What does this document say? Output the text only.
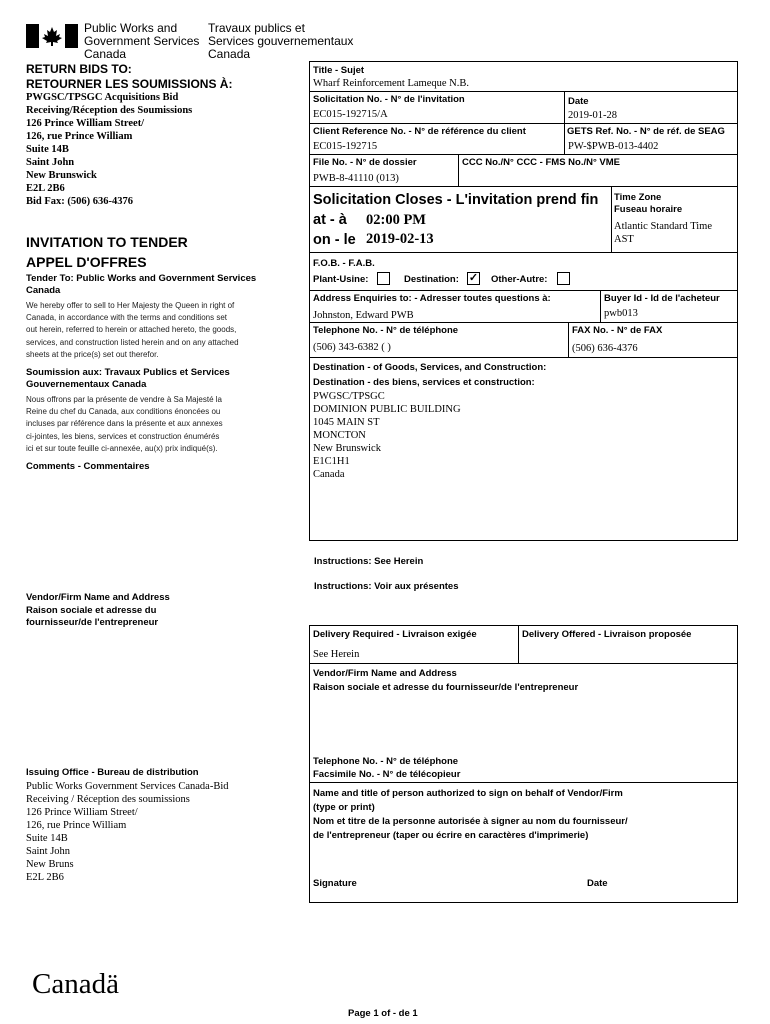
Public Works and
Government Services
Canada
Travaux publics et
Services gouvernementaux
Canada
RETURN BIDS TO:
RETOURNER LES SOUMISSIONS À:
PWGSC/TPSGC Acquisitions Bid
Receiving/Réception des Soumissions
126 Prince William Street/
126, rue Prince William
Suite 14B
Saint John
New Brunswick
E2L 2B6
Bid Fax: (506) 636-4376
INVITATION TO TENDER
APPEL D'OFFRES
Tender To: Public Works and Government Services
Canada
We hereby offer to sell to Her Majesty the Queen in right of
Canada, in accordance with the terms and conditions set
out herein, referred to herein or attached hereto, the goods,
services, and construction listed herein and on any attached
sheets at the price(s) set out therefor.
Soumission aux: Travaux Publics et Services
Gouvernementaux Canada
Nous offrons par la présente de vendre à Sa Majesté la
Reine du chef du Canada, aux conditions énoncées ou
incluses par référence dans la présente et aux annexes
ci-jointes, les biens, services et construction énumérés
ici et sur toute feuille ci-annexée, au(x) prix indiqué(s).
Comments - Commentaires
Vendor/Firm Name and Address
Raison sociale et adresse du
fournisseur/de l'entrepreneur
Issuing Office - Bureau de distribution
Public Works Government Services Canada-Bid
Receiving / Réception des soumissions
126 Prince William Street/
126, rue Prince William
Suite 14B
Saint John
New Bruns
E2L 2B6
Title - Sujet
Wharf Reinforcement Lameque N.B.
Solicitation No. - N° de l'invitation
EC015-192715/A
Date
2019-01-28
Client Reference No. - N° de référence du client
EC015-192715
GETS Ref. No. - N° de réf. de SEAG
PW-$PWB-013-4402
File No. - N° de dossier
PWB-8-41110 (013)
CCC No./N° CCC - FMS No./N° VME
Solicitation Closes - L'invitation prend fin
at - à 02:00 PM
on - le 2019-02-13
Time Zone
Fuseau horaire
Atlantic Standard Time
AST
F.O.B. - F.A.B.
Plant-Usine:	Destination: ✓ Other-Autre:
Address Enquiries to: - Adresser toutes questions à:
Johnston, Edward PWB
Buyer Id - Id de l'acheteur
pwb013
Telephone No. - N° de téléphone
(506) 343-6382 ( )
FAX No. - N° de FAX
(506) 636-4376
Destination - of Goods, Services, and Construction:
Destination - des biens, services et construction:
PWGSC/TPSGC
DOMINION PUBLIC BUILDING
1045 MAIN ST
MONCTON
New Brunswick
E1C1H1
Canada
Instructions: See Herein
Instructions: Voir aux présentes
Delivery Required - Livraison exigée
See Herein
Delivery Offered - Livraison proposée
Vendor/Firm Name and Address
Raison sociale et adresse du fournisseur/de l'entrepreneur
Telephone No. - N° de téléphone
Facsimile No. - N° de télécopieur
Name and title of person authorized to sign on behalf of Vendor/Firm
(type or print)
Nom et titre de la personne autorisée à signer au nom du fournisseur/
de l'entrepreneur (taper ou écrire en caractères d'imprimerie)
Signature	Date
Canadä
Page 1 of - de 1
